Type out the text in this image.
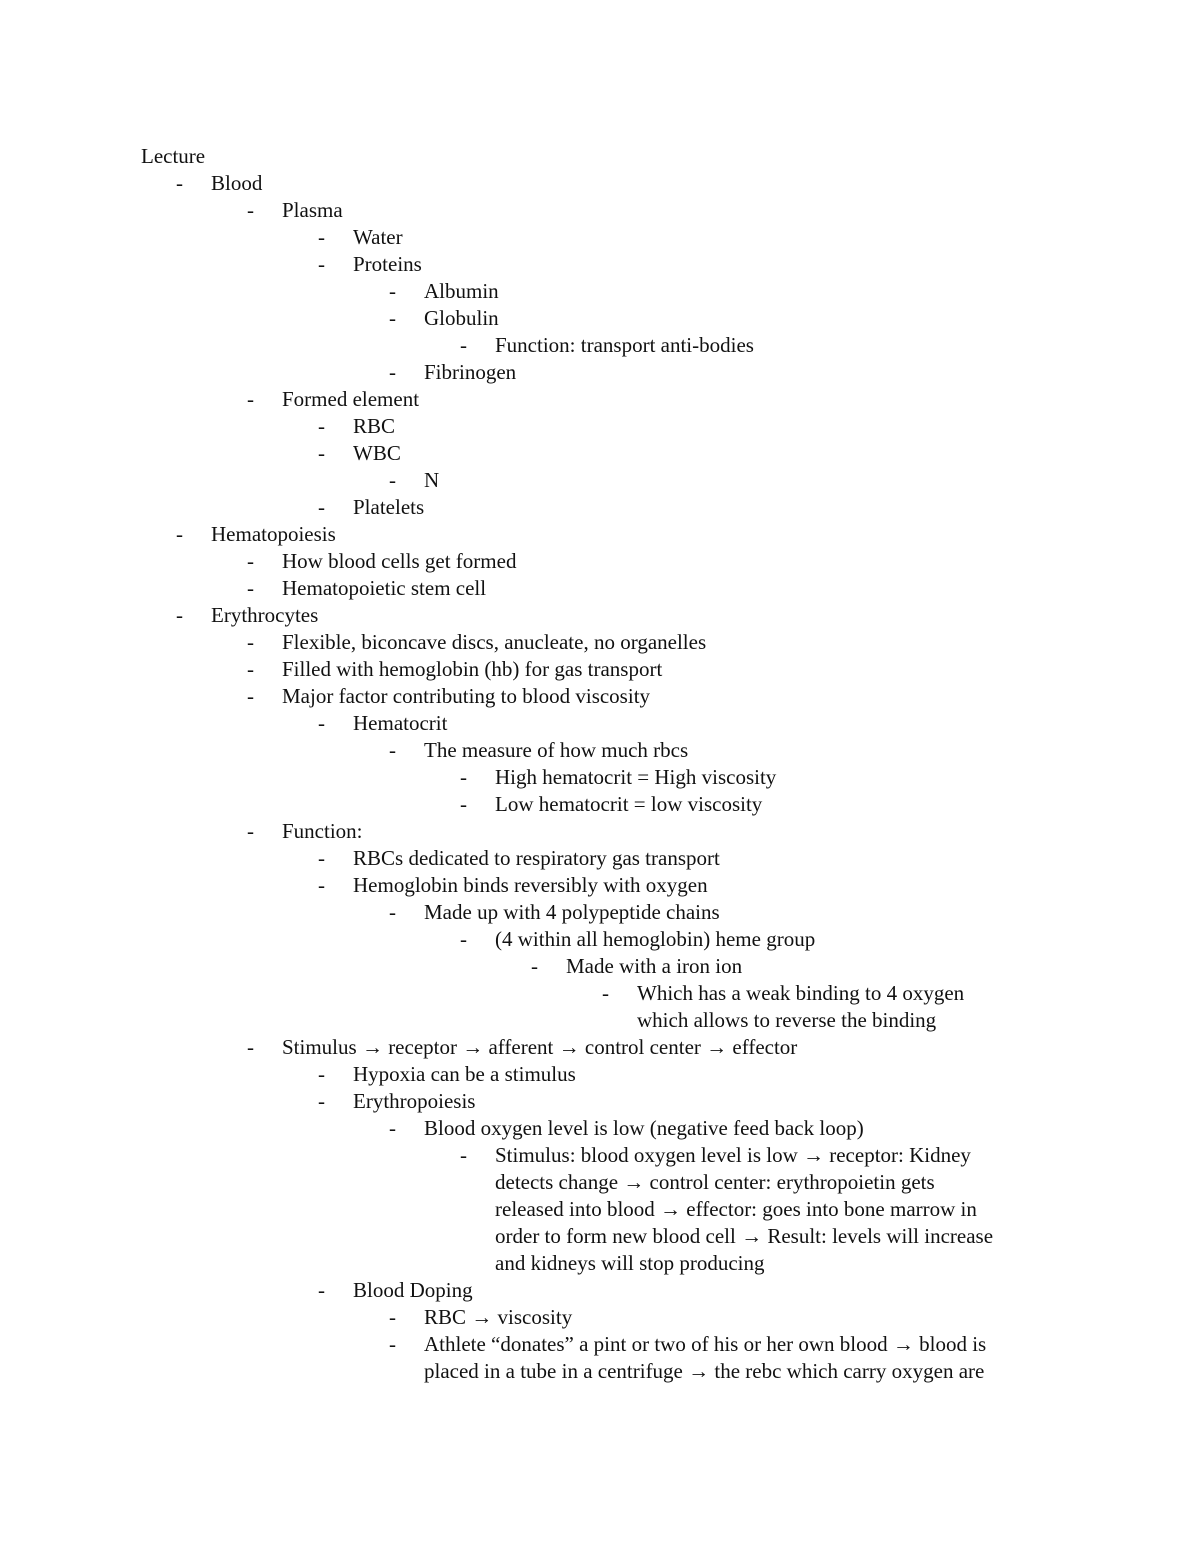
Lecture
- Blood
- Plasma
- Water
- Proteins
- Albumin
- Globulin
- Function: transport anti-bodies
- Fibrinogen
- Formed element
- RBC
- WBC
- N
- Platelets
- Hematopoiesis
- How blood cells get formed
- Hematopoietic stem cell
- Erythrocytes
- Flexible, biconcave discs, anucleate, no organelles
- Filled with hemoglobin (hb) for gas transport
- Major factor contributing to blood viscosity
- Hematocrit
- The measure of how much rbcs
- High hematocrit = High viscosity
- Low hematocrit = low viscosity
- Function:
- RBCs dedicated to respiratory gas transport
- Hemoglobin binds reversibly with oxygen
- Made up with 4 polypeptide chains
- (4 within all hemoglobin) heme group
- Made with a iron ion
- Which has a weak binding to 4 oxygen
which allows to reverse the binding
- Stimulus → receptor → afferent → control center → effector
- Hypoxia can be a stimulus
- Erythropoiesis
- Blood oxygen level is low (negative feed back loop)
- Stimulus: blood oxygen level is low → receptor: Kidney
detects change → control center: erythropoietin gets
released into blood → effector: goes into bone marrow in
order to form new blood cell → Result: levels will increase
and kidneys will stop producing
- Blood Doping
- RBC → viscosity
- Athlete “donates” a pint or two of his or her own blood → blood is
placed in a tube in a centrifuge → the rebc which carry oxygen are
